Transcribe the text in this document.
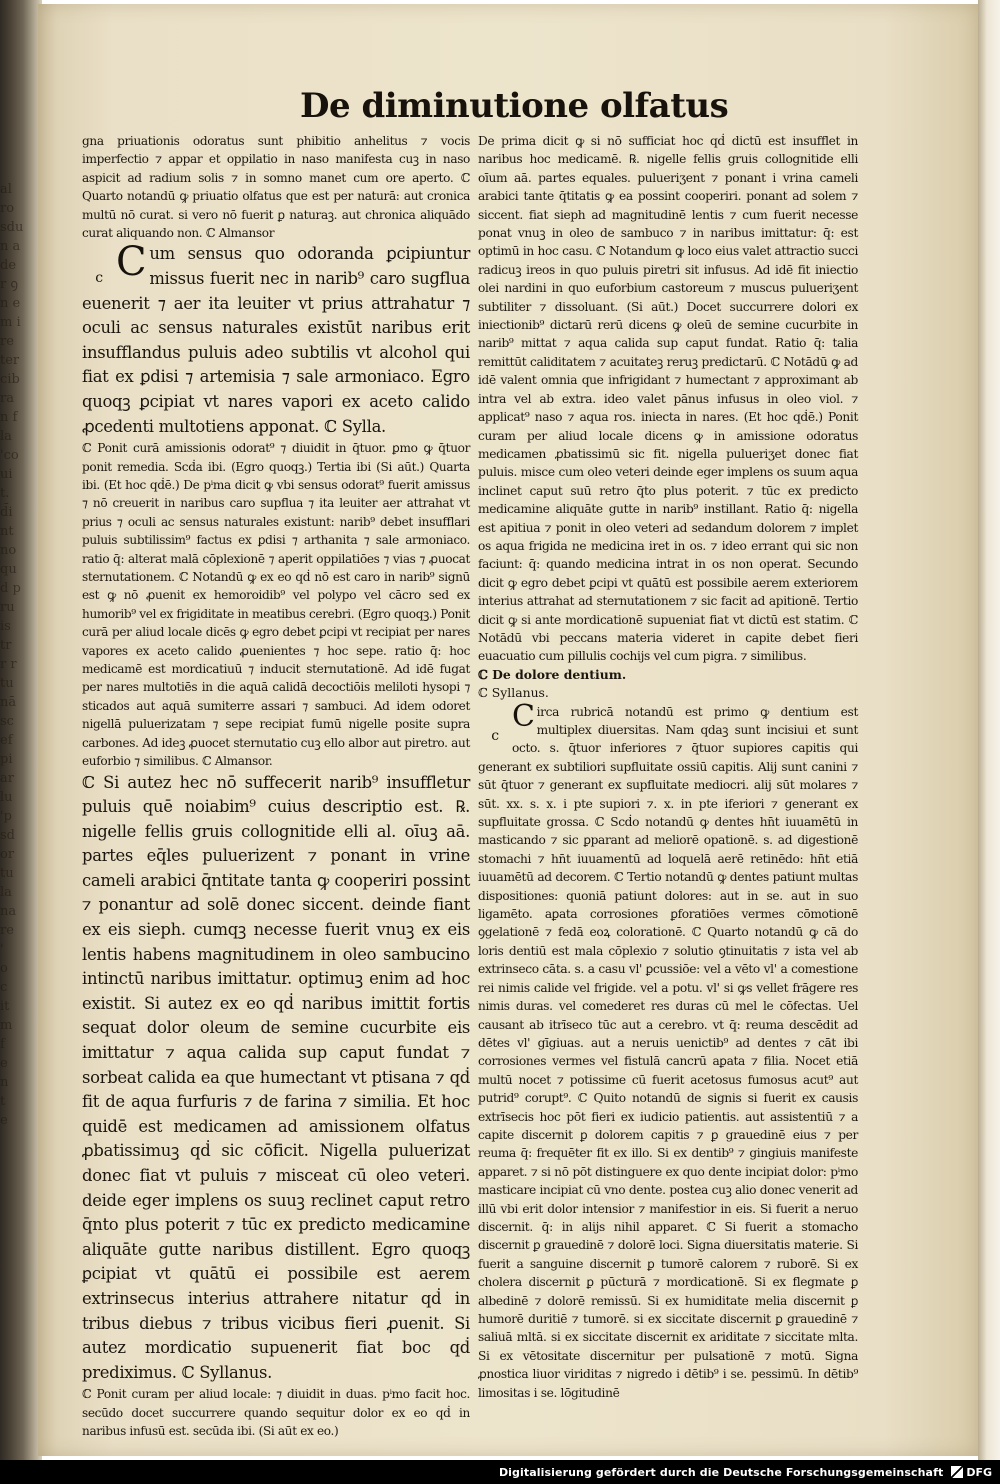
al
ro
sdu
n a
de
r ꝯ
n e
m i
re
ter
cib
ra
n f
la
'co
ui
t.
d̄i
nt
no
qu
d p
ru
is
tr
r r
tu
nā
sc
ef
pi
ar
lu
'p
sd
or
tu
la
na
re
'
o
c
it
m
f
e
n
t
e
De diminutione olfatus

gna priuationis odoratus sunt phibitio anhelitus ⁊ vocis imperfectio ⁊ appar et oppilatio in naso manifesta cuꝫ in naso aspicit ad radium solis ⁊ in somno manet cum ore aperto. ℂ Quarto notandū ꝙ priuatio olfatus que est per naturā: aut cronica multū nō curat. si vero nō fuerit ꝑ naturaꝫ. aut chronica aliquādo curat aliquando non. ℂ Almansor

c C um sensus quo odoranda ꝑcipiuntur missus fuerit nec in narib⁹ caro sugflua euenerit ⁊ aer ita leuiter vt prius attrahatur ⁊ oculi ac sensus naturales existūt naribus erit insufflandus puluis adeo subtilis vt alcohol qui fiat ex ꝑdisi ⁊ artemisia ⁊ sale armoniaco. Egro quoqꝫ ꝑcipiat vt nares vapori ex aceto calido ꝓcedenti multotiens apponat. ℂ Sylla.

ℂ Ponit curā amissionis odorat⁹ ⁊ diuidit in q̄tuor. ꝑmo ꝙ q̄tuor ponit remedia. Scḋa ibi. (Egro quoqꝫ.) Tertia ibi (Si aūt.) Quarta ibi. (Et hoc qḋē.) De pⁱma dicit ꝙ vbi sensus odorat⁹ fuerit amissus ⁊ nō creuerit in naribus caro supflua ⁊ ita leuiter aer attrahat vt prius ⁊ oculi ac sensus naturales existunt: narib⁹ debet insufflari puluis subtilissim⁹ factus ex ꝑdisi ⁊ arthanita ⁊ sale armoniaco. ratio q̄: alterat malā cōplexionē ⁊ aperit oppilatiōes ⁊ vias ⁊ ꝓuocat sternutationem. ℂ Notandū ꝙ ex eo qḋ nō est caro in narib⁹ signū est ꝙ nō ꝓuenit ex hemoroidib⁹ vel polypo vel cācro sed ex humorib⁹ vel ex frigiditate in meatibus cerebri. (Egro quoqꝫ.) Ponit curā per aliud locale dicēs ꝙ egro debet ꝑcipi vt recipiat per nares vapores ex aceto calido ꝓuenientes ⁊ hoc sepe. ratio q̄: hoc medicamē est mordicatiuū ⁊ inducit sternutationē. Ad idē fugat per nares multotiēs in die aquā calidā decoctiōis meliloti hysopi ⁊ sticados aut aquā sumiterre assari ⁊ sambuci. Ad idem odoret nigellā puluerizatam ⁊ sepe recipiat fumū nigelle posite supra carbones. Ad ideꝫ ꝓuocet sternutatio cuꝫ ello albor aut piretro. aut euforbio ⁊ similibus. ℂ Almansor.

ℂ Si autez hec nō suffecerit narib⁹ insuffletur puluis quē noiabim⁹ cuius descriptio est. ℞. nigelle fellis gruis collognitide elli al. oīuꝫ aā. partes eq̄les puluerizent ⁊ ponant in vrine cameli arabici q̄ntitate tanta ꝙ cooperiri possint ⁊ ponantur ad solē donec siccent. deinde fiant ex eis sieph. cumqꝫ necesse fuerit vnuꝫ ex eis lentis habens magnitudinem in oleo sambucino intinctū naribus imittatur. optimuꝫ enim ad hoc existit. Si autez ex eo qḋ naribus imittit fortis sequat dolor oleum de semine cucurbite eis imittatur ⁊ aqua calida sup caput fundat ⁊ sorbeat calida ea que humectant vt ptisana ⁊ qḋ fit de aqua furfuris ⁊ de farina ⁊ similia. Et hoc quidē est medicamen ad amissionem olfatus ꝓbatissimuꝫ qḋ sic cōficit. Nigella puluerizat donec fiat vt puluis ⁊ misceat cū oleo veteri. deide eger implens os suuꝫ reclinet caput retro q̄nto plus poterit ⁊ tūc ex predicto medicamine aliquāte gutte naribus distillent. Egro quoqꝫ ꝑcipiat vt quātū ei possibile est aerem extrinsecus interius attrahere nitatur qḋ in tribus diebus ⁊ tribus vicibus fieri ꝓuenit. Si autez mordicatio supuenerit fiat boc qḋ prediximus. ℂ Syllanus.

ℂ Ponit curam per aliud locale: ⁊ diuidit in duas. pⁱmo facit hoc. secūdo docet succurrere quando sequitur dolor ex eo qḋ in naribus infusū est. secūda ibi. (Si aūt ex eo.)

De prima dicit ꝙ si nō sufficiat hoc qḋ dictū est insufflet in naribus hoc medicamē. ℞. nigelle fellis gruis collognitide elli oīum aā. partes equales. pulueriʒent ⁊ ponant i vrina cameli arabici tante q̄titatis ꝙ ea possint cooperiri. ponant ad solem ⁊ siccent. fiat sieph ad magnitudinē lentis ⁊ cum fuerit necesse ponat vnuꝫ in oleo de sambuco ⁊ in naribus imittatur: q̄: est optimū in hoc casu. ℂ Notandum ꝙ loco eius valet attractio succi radicuꝫ ireos in quo puluis piretri sit infusus. Ad idē fit iniectio olei nardini in quo euforbium castoreum ⁊ muscus pulueriʒent subtiliter ⁊ dissoluant. (Si aūt.) Docet succurrere dolori ex iniectionib⁹ dictarū rerū dicens ꝙ oleū de semine cucurbite in narib⁹ mittat ⁊ aqua calida sup caput fundat. Ratio q̄: talia remittūt caliditatem ⁊ acuitateꝫ reruꝫ predictarū. ℂ Notādū ꝙ ad idē valent omnia que infrigidant ⁊ humectant ⁊ approximant ab intra vel ab extra. ideo valet pānus infusus in oleo viol. ⁊ applicat⁹ naso ⁊ aqua ros. iniecta in nares. (Et hoc qḋē.) Ponit curam per aliud locale dicens ꝙ in amissione odoratus medicamen ꝓbatissimū sic fit. nigella pulueriʒet donec fiat puluis. misce cum oleo veteri deinde eger implens os suum aqua inclinet caput suū retro q̄to plus poterit. ⁊ tūc ex predicto medicamine aliquāte gutte in narib⁹ instillant. Ratio q̄: nigella est apitiua ⁊ ponit in oleo veteri ad sedandum dolorem ⁊ implet os aqua frigida ne medicina iret in os. ⁊ ideo errant qui sic non faciunt: q̄: quando medicina intrat in os non operat. Secundo dicit ꝙ egro debet ꝑcipi vt quātū est possibile aerem exteriorem interius attrahat ad sternutationem ⁊ sic facit ad apitionē. Tertio dicit ꝙ si ante mordicationē supueniat fiat vt dictū est statim. ℂ Notādū vbi peccans materia videret in capite debet fieri euacuatio cum pillulis cochijs vel cum pigra. ⁊ similibus.

ℂ De dolore dentium.

ℂ Syllanus.

c
C irca rubricā notandū est primo ꝙ dentium est multiplex diuersitas. Nam qdaꝫ sunt incisiui et sunt octo. s. q̄tuor inferiores ⁊ q̄tuor supiores capitis qui generant ex subtiliori supfluitate ossiū capitis. Alij sunt canini ⁊ sūt q̄tuor ⁊ generant ex supfluitate mediocri. alij sūt molares ⁊ sūt. xx. s. x. i pte supiori ⁊. x. in pte iferiori ⁊ generant ex supfluitate grossa. ℂ Scḋo notandū ꝙ dentes hn̄t iuuamētū in masticando ⁊ sic ꝑparant ad meliorē opationē. s. ad digestionē stomachi ⁊ hn̄t iuuamentū ad loquelā aerē retinēdo: hn̄t etiā iuuamētū ad decorem. ℂ Tertio notandū ꝙ dentes patiunt multas dispositiones: quoniā patiunt dolores: aut in se. aut in suo ligamēto. aꝑata corrosiones ꝑforatiōes vermes cōmotionē ꝯgelationē ⁊ fedā eoꝝ colorationē. ℂ Quarto notandū ꝙ cā do loris dentiū est mala cōplexio ⁊ solutio ꝯtinuitatis ⁊ ista vel ab extrinseco cāta. s. a casu vl' ꝑcussiōe: vel a vēto vl' a comestione rei nimis calide vel frigide. vel a potu. vl' si ꝙs vellet frāgere res nimis duras. vel comederet res duras cū mel le cōfectas. Uel causant ab itrīseco tūc aut a cerebro. vt q̄: reuma descēdit ad dētes vl' gīgiuas. aut a neruis uenictib⁹ ad dentes ⁊ cāt ibi corrosiones vermes vel fistulā cancrū aꝑata ⁊ filia. Nocet etiā multū nocet ⁊ potissime cū fuerit acetosus fumosus acut⁹ aut putrid⁹ corupt⁹. ℂ Quito notandū de signis si fuerit ex causis extrīsecis hoc pōt fieri ex iudicio patientis. aut assistentiū ⁊ a capite discernit ꝑ dolorem capitis ⁊ ꝑ grauedinē eius ⁊ per reuma q̄: frequēter fit ex illo. Si ex dentib⁹ ⁊ gingiuis manifeste apparet. ⁊ si nō pōt distinguere ex quo dente incipiat dolor: pⁱmo masticare incipiat cū vno dente. postea cuꝫ alio donec venerit ad illū vbi erit dolor intensior ⁊ manifestior in eis. Si fuerit a neruo discernit. q̄: in alijs nihil apparet. ℂ Si fuerit a stomacho discernit ꝑ grauedinē ⁊ dolorē loci. Signa diuersitatis materie. Si fuerit a sanguine discernit ꝑ tumorē calorem ⁊ ruborē. Si ex cholera discernit ꝑ pūcturā ⁊ mordicationē. Si ex flegmate ꝑ albedinē ⁊ dolorē remissū. Si ex humiditate melia discernit ꝑ humorē duritiē ⁊ tumorē. si ex siccitate discernit ꝑ grauedinē ⁊ saliuā mltā. si ex siccitate discernit ex ariditate ⁊ siccitate mlta. Si ex vētositate discernitur per pulsationē ⁊ motū. Signa ꝓnostica liuor viriditas ⁊ nigredo i dētib⁹ i se. pessimū. In dētib⁹ limositas i se. lōgitudinē

Digitalisierung gefördert durch die Deutsche Forschungsgemeinschaft DFG
